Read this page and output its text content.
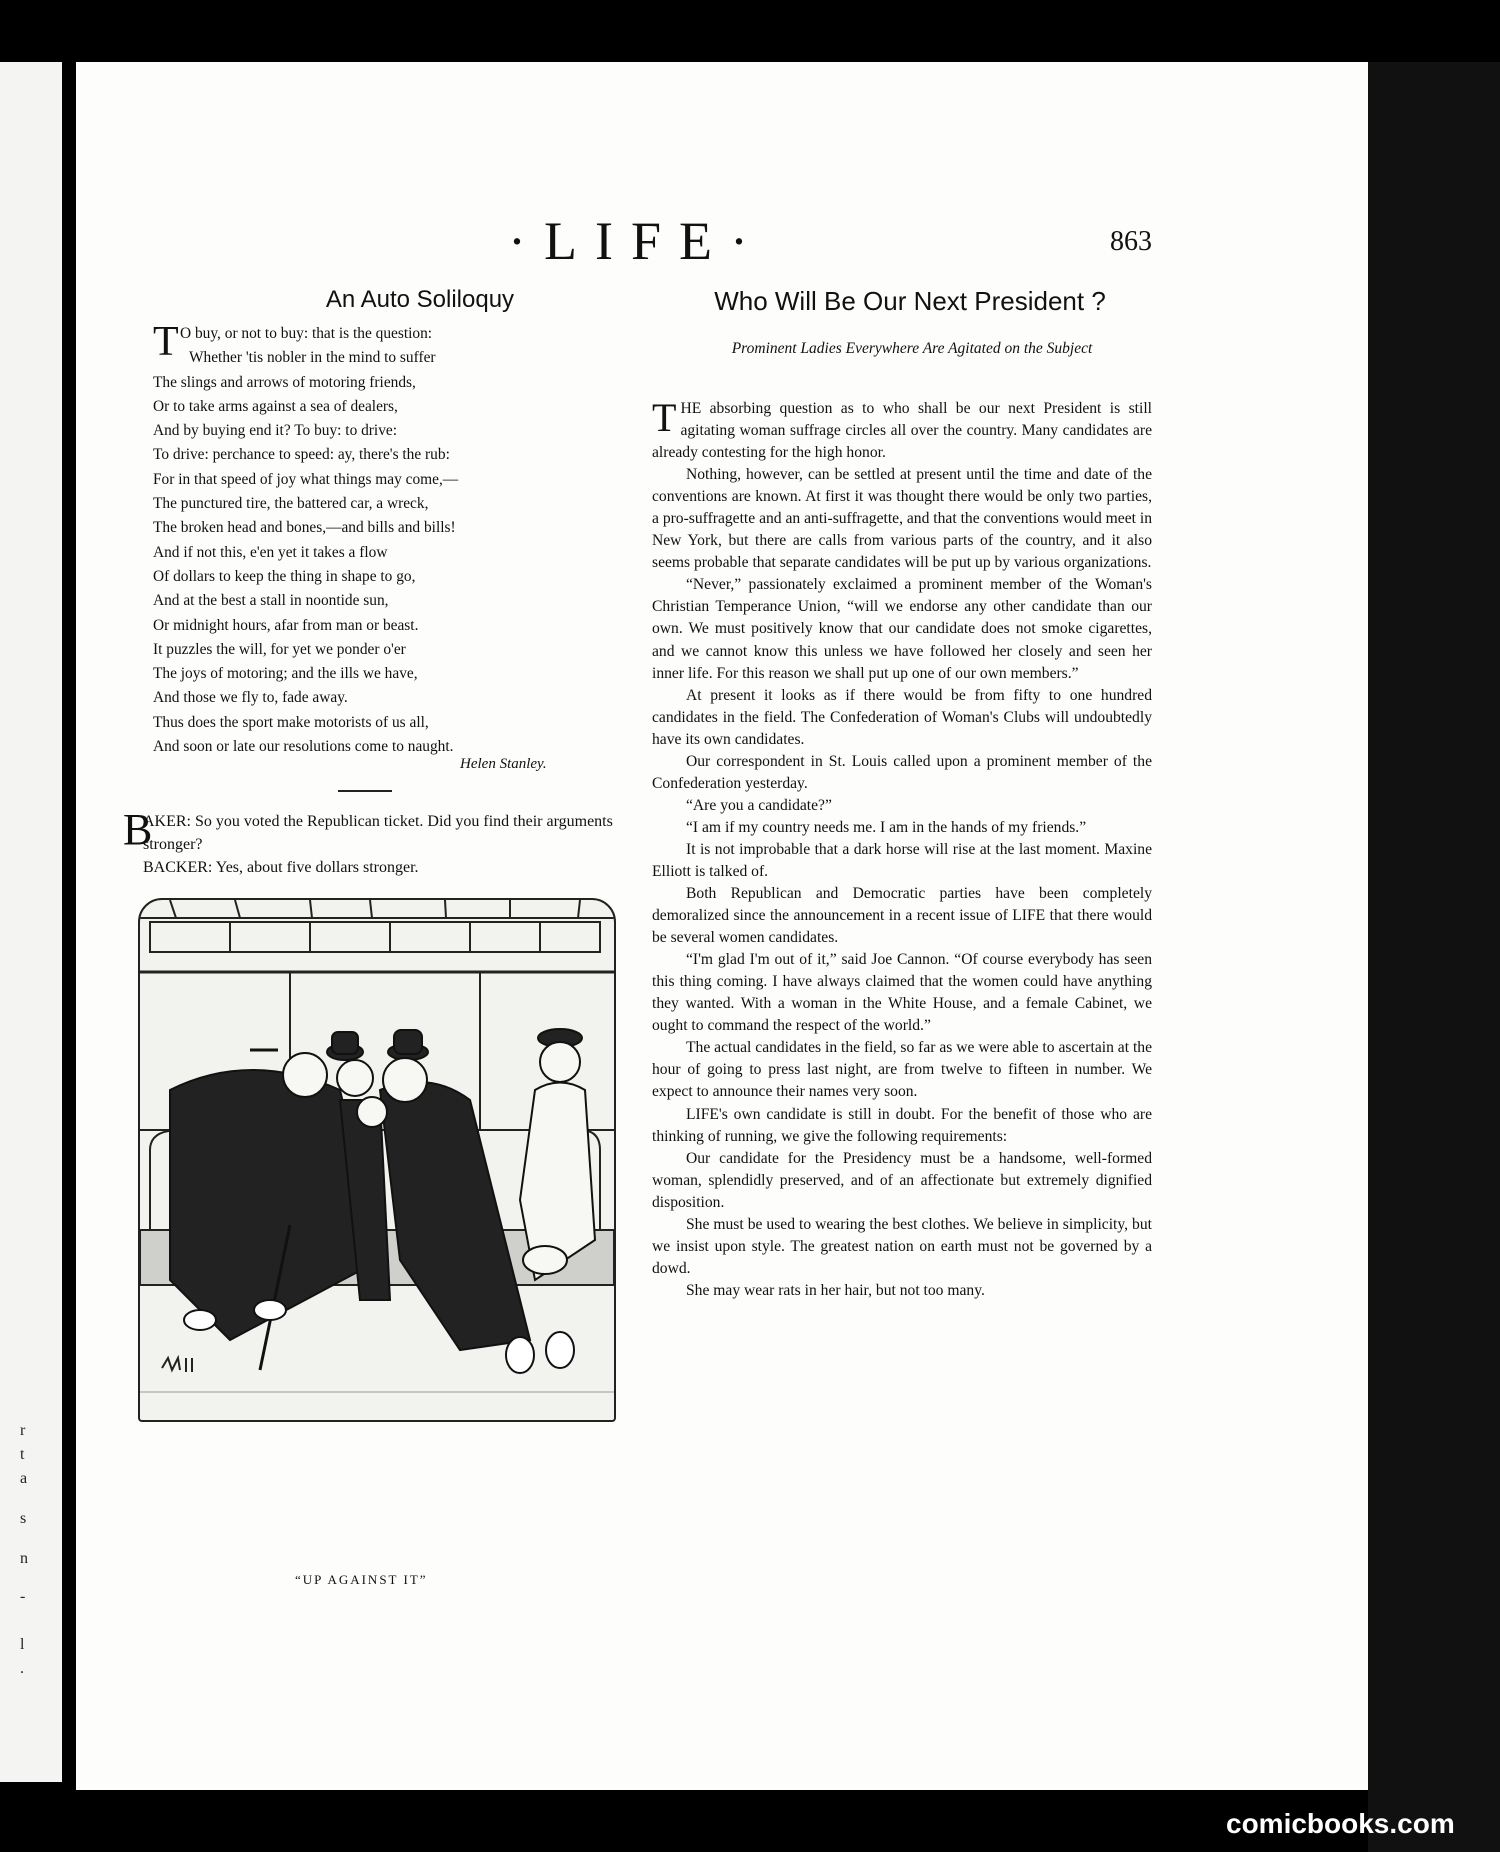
r
t
a
s
n
-
l
.
·LIFE·	863
An Auto Soliloquy
T O buy, or not to buy: that is the question:
Whether 'tis nobler in the mind to suffer
The slings and arrows of motoring friends,
Or to take arms against a sea of dealers,
And by buying end it? To buy: to drive:
To drive: perchance to speed: ay, there's the rub:
For in that speed of joy what things may come,—
The punctured tire, the battered car, a wreck,
The broken head and bones,—and bills and bills!
And if not this, e'en yet it takes a flow
Of dollars to keep the thing in shape to go,
And at the best a stall in noontide sun,
Or midnight hours, afar from man or beast.
It puzzles the will, for yet we ponder o'er
The joys of motoring; and the ills we have,
And those we fly to, fade away.
Thus does the sport make motorists of us all,
And soon or late our resolutions come to naught.
Helen Stanley.
B
AKER: So you voted the Republican ticket. Did you find their arguments stronger?
BACKER: Yes, about five dollars stronger.
“UP AGAINST IT”
Who Will Be Our Next President ?
Prominent Ladies Everywhere Are Agitated on the Subject

THE absorbing question as to who shall be our next President is still agitating woman suffrage circles all over the country. Many candidates are already contesting for the high honor.

Nothing, however, can be settled at present until the time and date of the conventions are known. At first it was thought there would be only two parties, a pro-suffragette and an anti-suffragette, and that the conventions would meet in New York, but there are calls from various parts of the country, and it also seems probable that separate candidates will be put up by various organizations.

“Never,” passionately exclaimed a prominent member of the Woman's Christian Temperance Union, “will we endorse any other candidate than our own. We must positively know that our candidate does not smoke cigarettes, and we cannot know this unless we have followed her closely and seen her inner life. For this reason we shall put up one of our own members.”

At present it looks as if there would be from fifty to one hundred candidates in the field. The Confederation of Woman's Clubs will undoubtedly have its own candidates.

Our correspondent in St. Louis called upon a prominent member of the Confederation yesterday.

“Are you a candidate?”

“I am if my country needs me. I am in the hands of my friends.”

It is not improbable that a dark horse will rise at the last moment. Maxine Elliott is talked of.

Both Republican and Democratic parties have been completely demoralized since the announcement in a recent issue of LIFE that there would be several women candidates.

“I'm glad I'm out of it,” said Joe Cannon. “Of course everybody has seen this thing coming. I have always claimed that the women could have anything they wanted. With a woman in the White House, and a female Cabinet, we ought to command the respect of the world.”

The actual candidates in the field, so far as we were able to ascertain at the hour of going to press last night, are from twelve to fifteen in number. We expect to announce their names very soon.

LIFE's own candidate is still in doubt. For the benefit of those who are thinking of running, we give the following requirements:

Our candidate for the Presidency must be a handsome, well-formed woman, splendidly preserved, and of an affectionate but extremely dignified disposition.

She must be used to wearing the best clothes. We believe in simplicity, but we insist upon style. The greatest nation on earth must not be governed by a dowd.

She may wear rats in her hair, but not too many.

comicbooks.com
